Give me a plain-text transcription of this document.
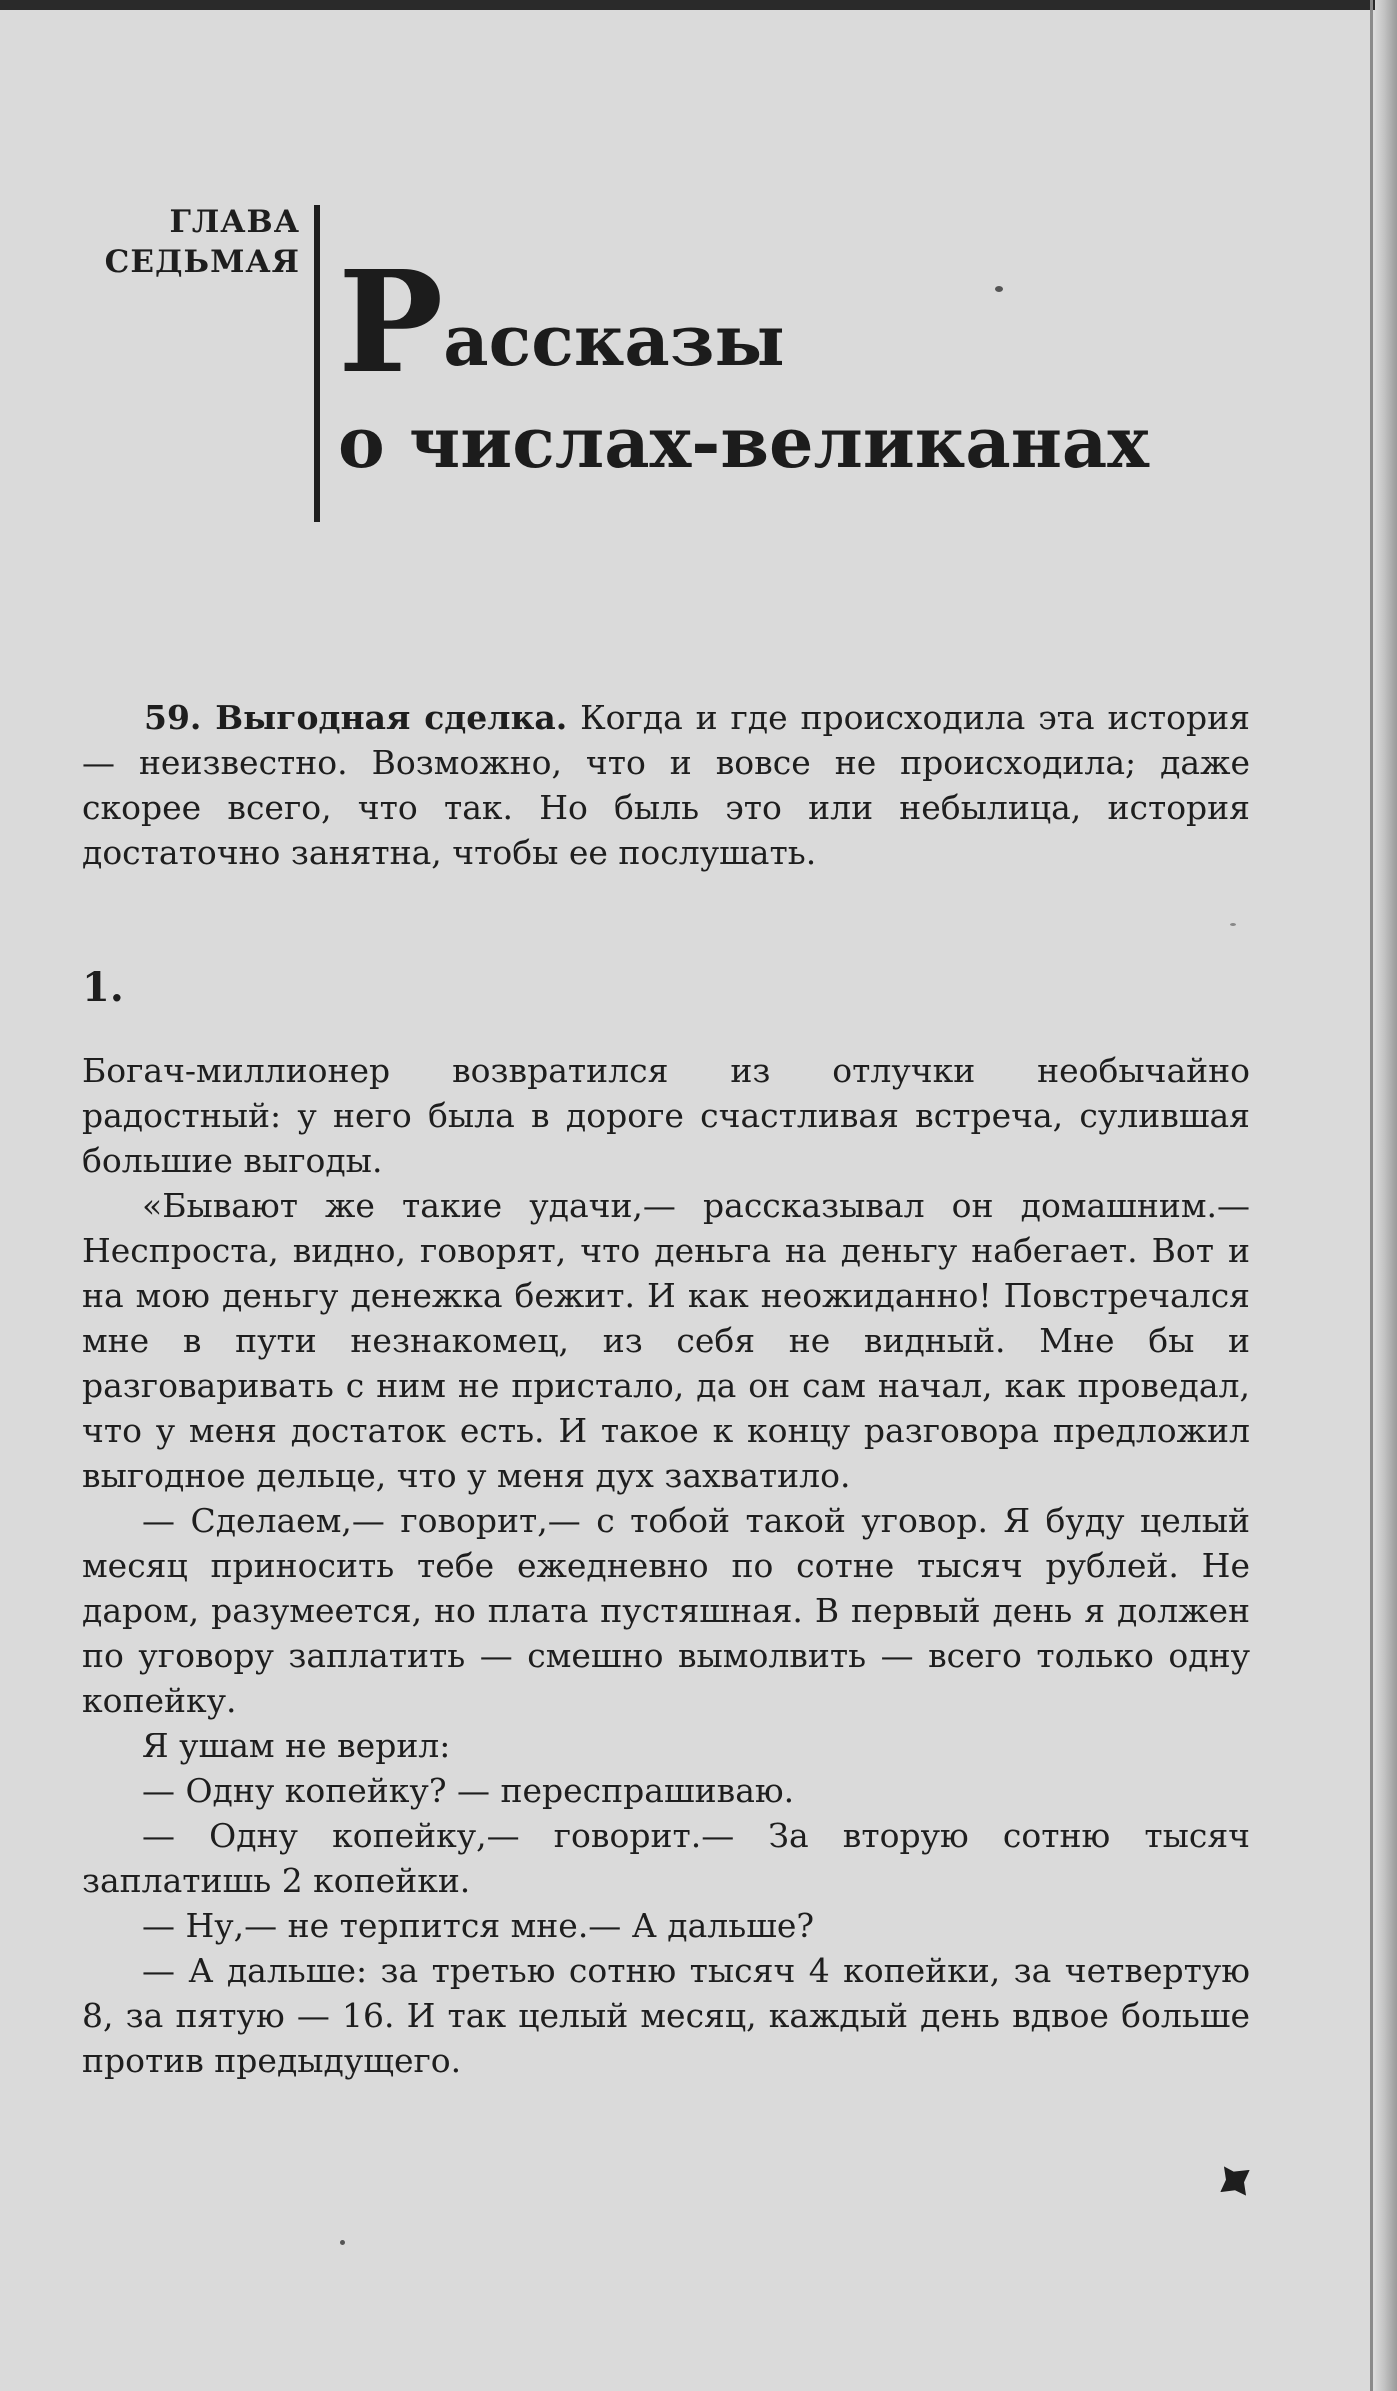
ГЛАВА
СЕДЬМАЯ Рассказы
о числах-великанах

59. Выгодная сделка. Когда и где происходила эта история — неизвестно. Возможно, что и вовсе не происходила; даже скорее всего, что так. Но быль это или небылица, история достаточно занятна, чтобы ее послушать.

1.

Богач-миллионер возвратился из отлучки необычайно радостный: у него была в дороге счастливая встреча, сулившая большие выгоды.

«Бывают же такие удачи,— рассказывал он домашним.— Неспроста, видно, говорят, что деньга на деньгу набегает. Вот и на мою деньгу денежка бежит. И как неожиданно! Повстречался мне в пути незнакомец, из себя не видный. Мне бы и разговаривать с ним не пристало, да он сам начал, как проведал, что у меня достаток есть. И такое к концу разговора предложил выгодное дельце, что у меня дух захватило.

— Сделаем,— говорит,— с тобой такой уговор. Я буду целый месяц приносить тебе ежедневно по сотне тысяч рублей. Не даром, разумеется, но плата пустяшная. В первый день я должен по уговору заплатить — смешно вымолвить — всего только одну копейку.

Я ушам не верил:

— Одну копейку? — переспрашиваю.

— Одну копейку,— говорит.— За вторую сотню тысяч заплатишь 2 копейки.

— Ну,— не терпится мне.— А дальше?

— А дальше: за третью сотню тысяч 4 копейки, за четвертую 8, за пятую — 16. И так целый месяц, каждый день вдвое больше против предыдущего.
